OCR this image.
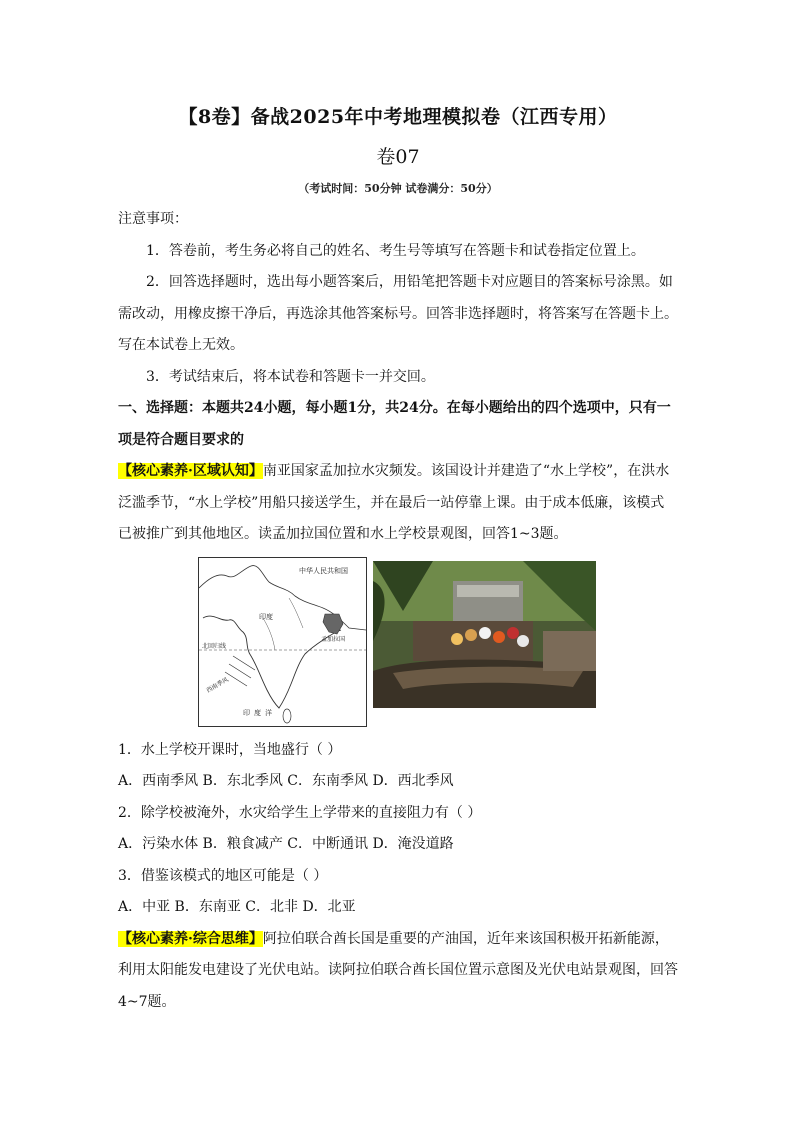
【8卷】备战2025年中考地理模拟卷（江西专用）

卷07

（考试时间：50分钟 试卷满分：50分）

注意事项：

1．答卷前，考生务必将自己的姓名、考生号等填写在答题卡和试卷指定位置上。

2．回答选择题时，选出每小题答案后，用铅笔把答题卡对应题目的答案标号涂黑。如需改动，用橡皮擦干净后，再选涂其他答案标号。回答非选择题时，将答案写在答题卡上。写在本试卷上无效。

3．考试结束后，将本试卷和答题卡一并交回。

一、选择题：本题共24小题，每小题1分，共24分。在每小题给出的四个选项中，只有一项是符合题目要求的

【核心素养·区域认知】南亚国家孟加拉水灾频发。该国设计并建造了“水上学校”，在洪水泛滥季节，“水上学校”用船只接送学生，并在最后一站停靠上课。由于成本低廉，该模式已被推广到其他地区。读孟加拉国位置和水上学校景观图，回答1~3题。

中华人民共和国
孟加拉国
印度
北回归线
西南季风
印度洋

1．水上学校开课时，当地盛行（ ）

A．西南季风 B．东北季风 C．东南季风 D．西北季风

2．除学校被淹外，水灾给学生上学带来的直接阻力有（ ）

A．污染水体 B．粮食减产 C．中断通讯 D．淹没道路

3．借鉴该模式的地区可能是（ ）

A．中亚 B．东南亚 C．北非 D．北亚

【核心素养·综合思维】阿拉伯联合酋长国是重要的产油国，近年来该国积极开拓新能源，利用太阳能发电建设了光伏电站。读阿拉伯联合酋长国位置示意图及光伏电站景观图，回答4~7题。
